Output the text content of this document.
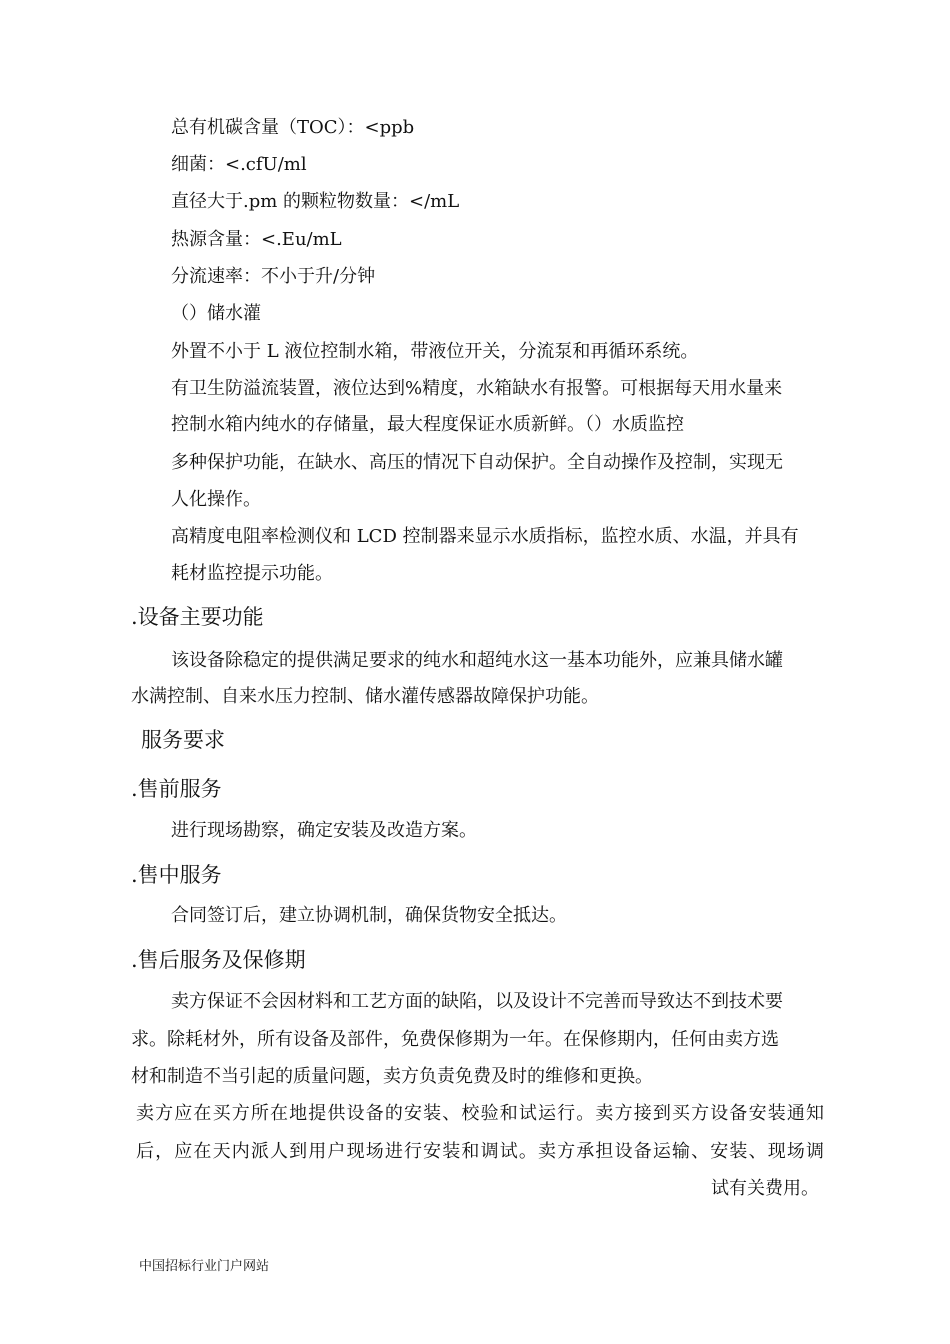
总有机碳含量（TOC）：<ppb
细菌：<.cfU/ml
直径大于.pm 的颗粒物数量：</mL
热源含量：<.Eu/mL
分流速率：不小于升/分钟
（）储水灌
外置不小于 L 液位控制水箱，带液位开关，分流泵和再循环系统。
有卫生防溢流装置，液位达到%精度，水箱缺水有报警。可根据每天用水量来
控制水箱内纯水的存储量，最大程度保证水质新鲜。（）水质监控
多种保护功能，在缺水、高压的情况下自动保护。全自动操作及控制，实现无
人化操作。
高精度电阻率检测仪和 LCD 控制器来显示水质指标，监控水质、水温，并具有
耗材监控提示功能。
.设备主要功能
该设备除稳定的提供满足要求的纯水和超纯水这一基本功能外，应兼具储水罐
水满控制、自来水压力控制、储水灌传感器故障保护功能。
服务要求
.售前服务
进行现场勘察，确定安装及改造方案。
.售中服务
合同签订后，建立协调机制，确保货物安全抵达。
.售后服务及保修期
卖方保证不会因材料和工艺方面的缺陷，以及设计不完善而导致达不到技术要
求。除耗材外，所有设备及部件，免费保修期为一年。在保修期内，任何由卖方选
材和制造不当引起的质量问题，卖方负责免费及时的维修和更换。
卖方应在买方所在地提供设备的安装、校验和试运行。卖方接到买方设备安装通知
后，应在天内派人到用户现场进行安装和调试。卖方承担设备运输、安装、现场调
试有关费用。
中国招标行业门户网站
